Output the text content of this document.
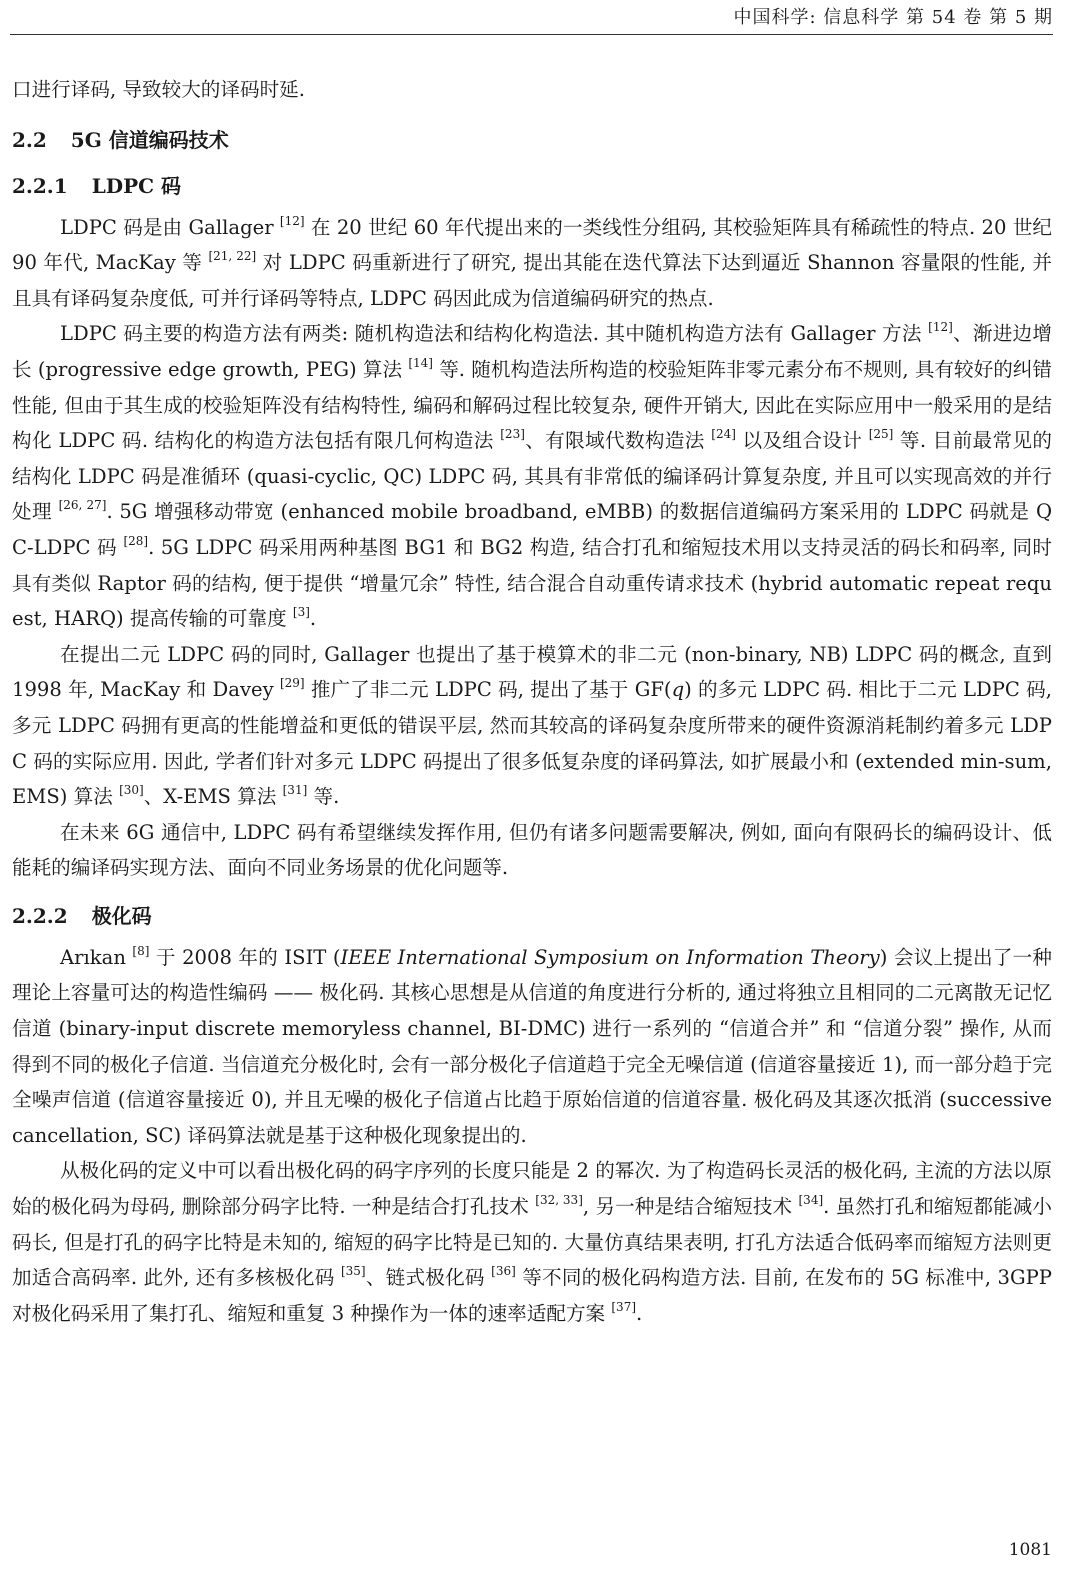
中国科学: 信息科学 第 54 卷 第 5 期

口进行译码, 导致较大的译码时延.

2.2 5G 信道编码技术
2.2.1 LDPC 码

LDPC 码是由 Gallager [12] 在 20 世纪 60 年代提出来的一类线性分组码, 其校验矩阵具有稀疏性的特点. 20 世纪 90 年代, MacKay 等 [21, 22] 对 LDPC 码重新进行了研究, 提出其能在迭代算法下达到逼近 Shannon 容量限的性能, 并且具有译码复杂度低, 可并行译码等特点, LDPC 码因此成为信道编码研究的热点.

LDPC 码主要的构造方法有两类: 随机构造法和结构化构造法. 其中随机构造方法有 Gallager 方法 [12]、渐进边增长 (progressive edge growth, PEG) 算法 [14] 等. 随机构造法所构造的校验矩阵非零元素分布不规则, 具有较好的纠错性能, 但由于其生成的校验矩阵没有结构特性, 编码和解码过程比较复杂, 硬件开销大, 因此在实际应用中一般采用的是结构化 LDPC 码. 结构化的构造方法包括有限几何构造法 [23]、有限域代数构造法 [24] 以及组合设计 [25] 等. 目前最常见的结构化 LDPC 码是准循环 (quasi-cyclic, QC) LDPC 码, 其具有非常低的编译码计算复杂度, 并且可以实现高效的并行处理 [26, 27]. 5G 增强移动带宽 (enhanced mobile broadband, eMBB) 的数据信道编码方案采用的 LDPC 码就是 QC-LDPC 码 [28]. 5G LDPC 码采用两种基图 BG1 和 BG2 构造, 结合打孔和缩短技术用以支持灵活的码长和码率, 同时具有类似 Raptor 码的结构, 便于提供 “增量冗余” 特性, 结合混合自动重传请求技术 (hybrid automatic repeat request, HARQ) 提高传输的可靠度 [3].

在提出二元 LDPC 码的同时, Gallager 也提出了基于模算术的非二元 (non-binary, NB) LDPC 码的概念, 直到 1998 年, MacKay 和 Davey [29] 推广了非二元 LDPC 码, 提出了基于 GF(q) 的多元 LDPC 码. 相比于二元 LDPC 码, 多元 LDPC 码拥有更高的性能增益和更低的错误平层, 然而其较高的译码复杂度所带来的硬件资源消耗制约着多元 LDPC 码的实际应用. 因此, 学者们针对多元 LDPC 码提出了很多低复杂度的译码算法, 如扩展最小和 (extended min-sum, EMS) 算法 [30]、X-EMS 算法 [31] 等.

在未来 6G 通信中, LDPC 码有希望继续发挥作用, 但仍有诸多问题需要解决, 例如, 面向有限码长的编码设计、低能耗的编译码实现方法、面向不同业务场景的优化问题等.

2.2.2 极化码

Arıkan [8] 于 2008 年的 ISIT (IEEE International Symposium on Information Theory) 会议上提出了一种理论上容量可达的构造性编码 —— 极化码. 其核心思想是从信道的角度进行分析的, 通过将独立且相同的二元离散无记忆信道 (binary-input discrete memoryless channel, BI-DMC) 进行一系列的 “信道合并” 和 “信道分裂” 操作, 从而得到不同的极化子信道. 当信道充分极化时, 会有一部分极化子信道趋于完全无噪信道 (信道容量接近 1), 而一部分趋于完全噪声信道 (信道容量接近 0), 并且无噪的极化子信道占比趋于原始信道的信道容量. 极化码及其逐次抵消 (successive cancellation, SC) 译码算法就是基于这种极化现象提出的.

从极化码的定义中可以看出极化码的码字序列的长度只能是 2 的幂次. 为了构造码长灵活的极化码, 主流的方法以原始的极化码为母码, 删除部分码字比特. 一种是结合打孔技术 [32, 33], 另一种是结合缩短技术 [34]. 虽然打孔和缩短都能减小码长, 但是打孔的码字比特是未知的, 缩短的码字比特是已知的. 大量仿真结果表明, 打孔方法适合低码率而缩短方法则更加适合高码率. 此外, 还有多核极化码 [35]、链式极化码 [36] 等不同的极化码构造方法. 目前, 在发布的 5G 标准中, 3GPP 对极化码采用了集打孔、缩短和重复 3 种操作为一体的速率适配方案 [37].

1081
